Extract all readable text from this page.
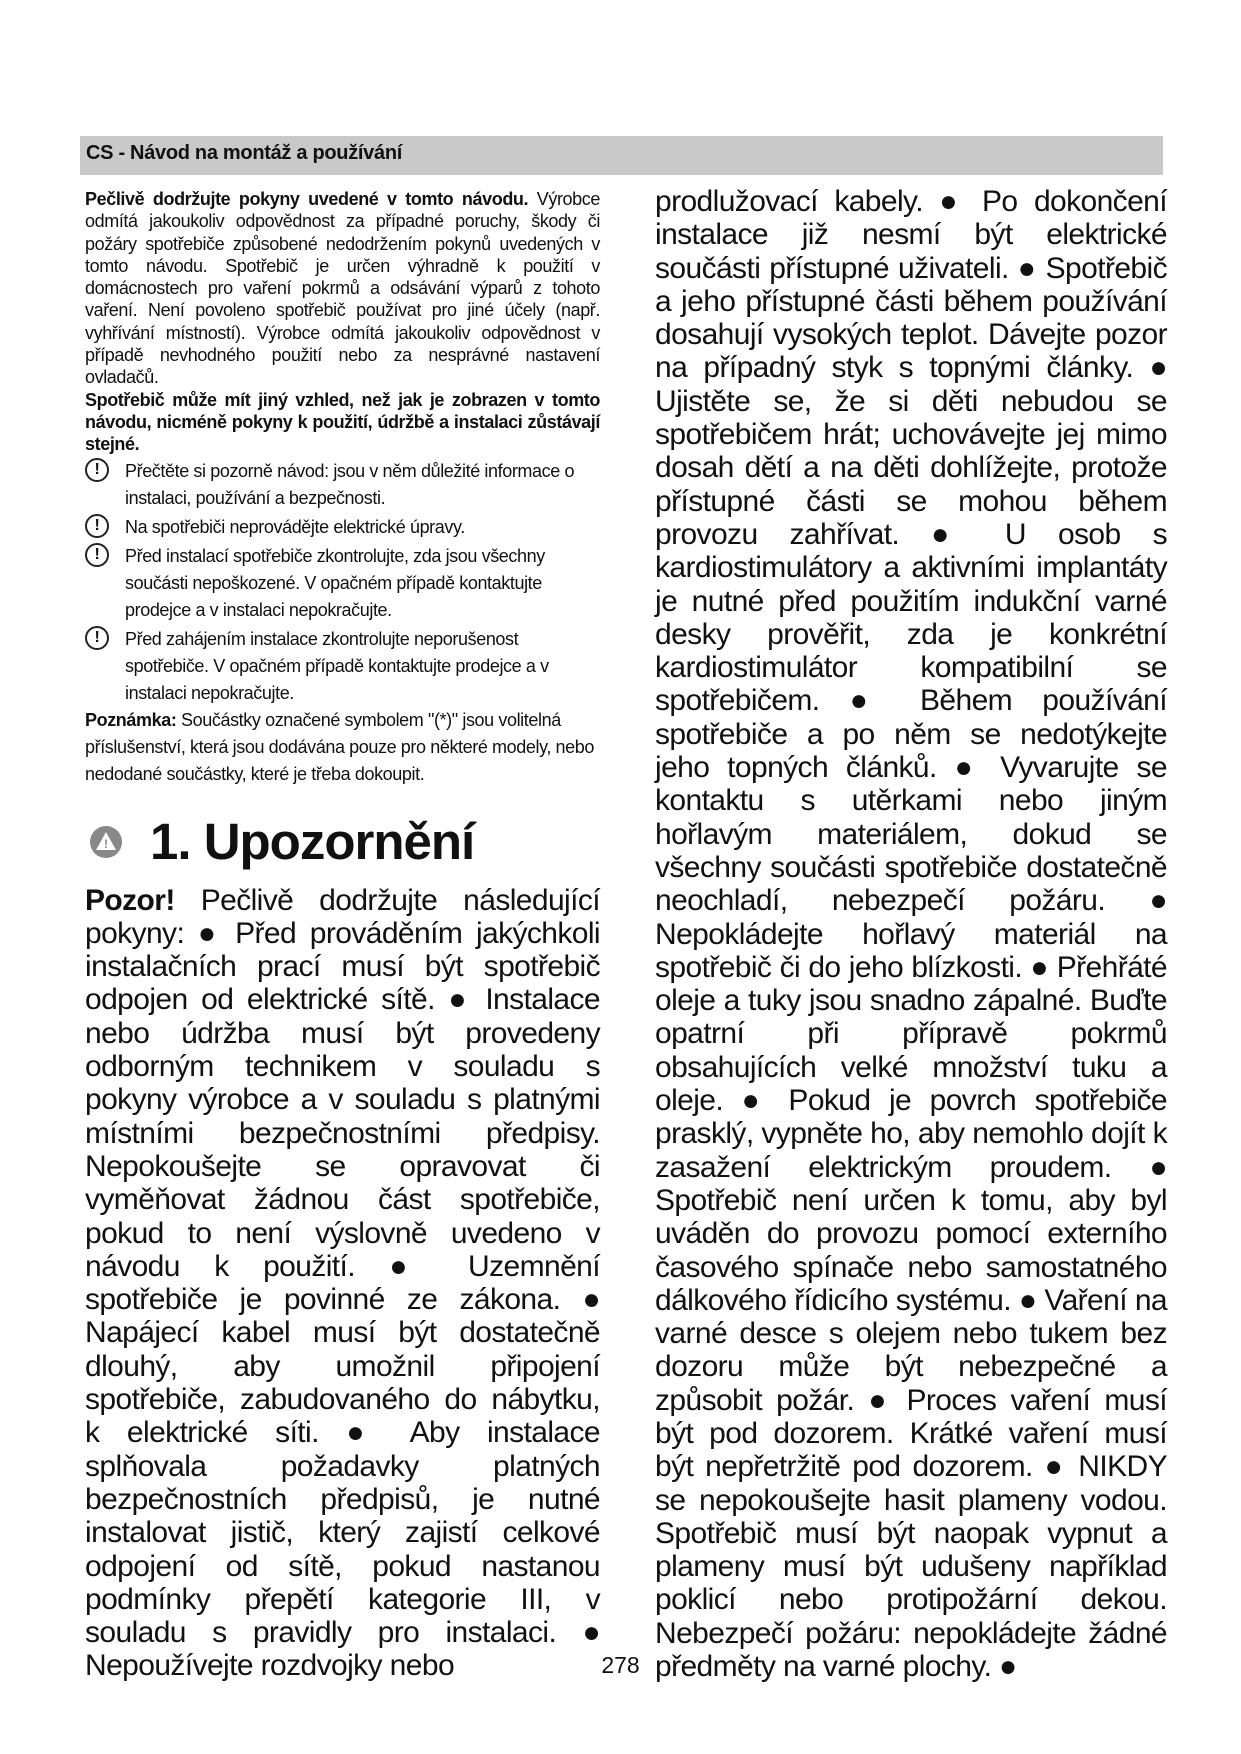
CS - Návod na montáž a používání

Pečlivě dodržujte pokyny uvedené v tomto návodu. Výrobce odmítá jakoukoliv odpovědnost za případné poruchy, škody či požáry spotřebiče způsobené nedodržením pokynů uvedených v tomto návodu. Spotřebič je určen výhradně k použití v domácnostech pro vaření pokrmů a odsávání výparů z tohoto vaření. Není povoleno spotřebič používat pro jiné účely (např. vyhřívání místností). Výrobce odmítá jakoukoliv odpovědnost v případě nevhodného použití nebo za nesprávné nastavení ovladačů.

Spotřebič může mít jiný vzhled, než jak je zobrazen v tomto návodu, nicméně pokyny k použití, údržbě a instalaci zůstávají stejné.

!	Přečtěte si pozorně návod: jsou v něm důležité informace o instalaci, používání a bezpečnosti.
!	Na spotřebiči neprovádějte elektrické úpravy.
!	Před instalací spotřebiče zkontrolujte, zda jsou všechny součásti nepoškozené. V opačném případě kontaktujte prodejce a v instalaci nepokračujte.
!	Před zahájením instalace zkontrolujte neporušenost spotřebiče. V opačném případě kontaktujte prodejce a v instalaci nepokračujte.

Poznámka: Součástky označené symbolem "(*)" jsou volitelná příslušenství, která jsou dodávána pouze pro některé modely, nebo nedodané součástky, které je třeba dokoupit.

! 1. Upozornění

Pozor! Pečlivě dodržujte následující pokyny: ● Před prováděním jakýchkoli instalačních prací musí být spotřebič odpojen od elektrické sítě. ● Instalace nebo údržba musí být provedeny odborným technikem v souladu s pokyny výrobce a v souladu s platnými místními bezpečnostními předpisy. Nepokoušejte se opravovat či vyměňovat žádnou část spotřebiče, pokud to není výslovně uvedeno v návodu k použití. ● Uzemnění spotřebiče je povinné ze zákona. ● Napájecí kabel musí být dostatečně dlouhý, aby umožnil připojení spotřebiče, zabudovaného do nábytku, k elektrické síti. ● Aby instalace splňovala požadavky platných bezpečnostních předpisů, je nutné instalovat jistič, který zajistí celkové odpojení od sítě, pokud nastanou podmínky přepětí kategorie III, v souladu s pravidly pro instalaci. ● Nepoužívejte rozdvojky nebo

prodlužovací kabely. ● Po dokončení instalace již nesmí být elektrické součásti přístupné uživateli. ● Spotřebič a jeho přístupné části během používání dosahují vysokých teplot. Dávejte pozor na případný styk s topnými články. ● Ujistěte se, že si děti nebudou se spotřebičem hrát; uchovávejte jej mimo dosah dětí a na děti dohlížejte, protože přístupné části se mohou během provozu zahřívat. ● U osob s kardiostimulátory a aktivními implantáty je nutné před použitím indukční varné desky prověřit, zda je konkrétní kardiostimulátor kompatibilní se spotřebičem. ● Během používání spotřebiče a po něm se nedotýkejte jeho topných článků. ● Vyvarujte se kontaktu s utěrkami nebo jiným hořlavým materiálem, dokud se všechny součásti spotřebiče dostatečně neochladí, nebezpečí požáru. ● Nepokládejte hořlavý materiál na spotřebič či do jeho blízkosti. ● Přehřáté oleje a tuky jsou snadno zápalné. Buďte opatrní při přípravě pokrmů obsahujících velké množství tuku a oleje. ● Pokud je povrch spotřebiče prasklý, vypněte ho, aby nemohlo dojít k zasažení elektrickým proudem. ● Spotřebič není určen k tomu, aby byl uváděn do provozu pomocí externího časového spínače nebo samostatného dálkového řídicího systému. ● Vaření na varné desce s olejem nebo tukem bez dozoru může být nebezpečné a způsobit požár. ● Proces vaření musí být pod dozorem. Krátké vaření musí být nepřetržitě pod dozorem. ● NIKDY se nepokoušejte hasit plameny vodou. Spotřebič musí být naopak vypnut a plameny musí být udušeny například poklicí nebo protipožární dekou. Nebezpečí požáru: nepokládejte žádné předměty na varné plochy. ●

278
